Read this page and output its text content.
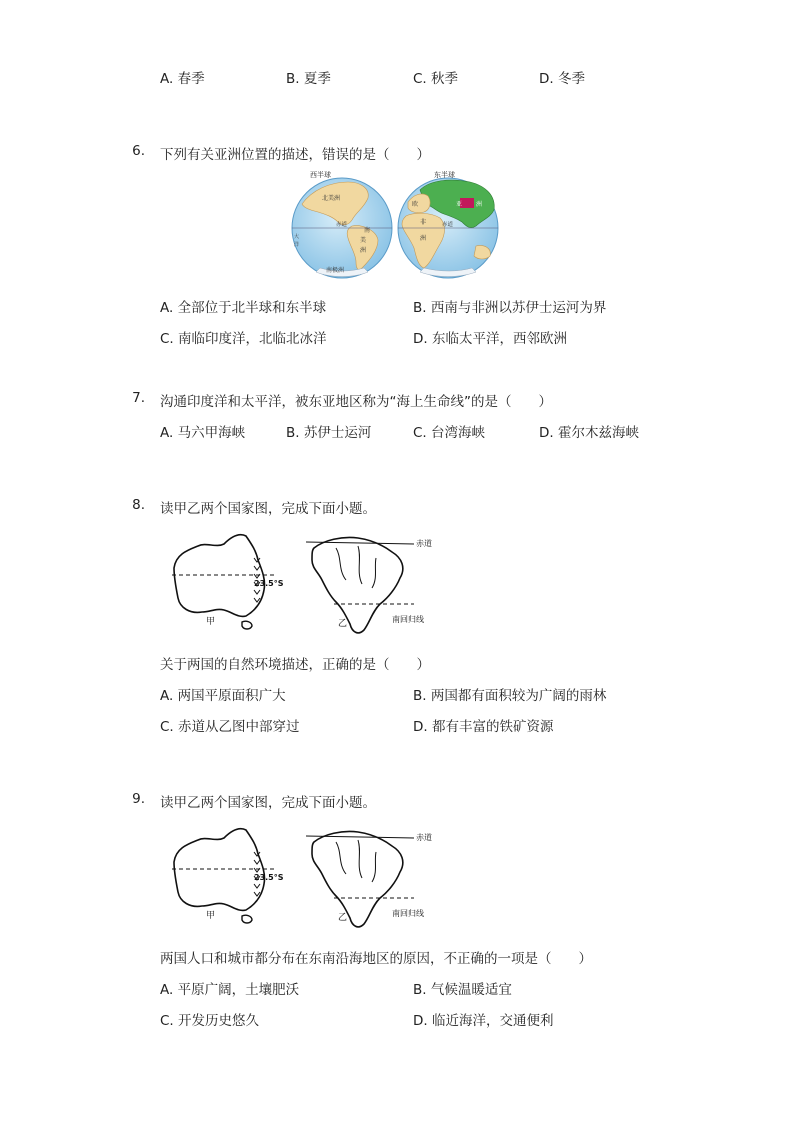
A. 春季	B. 夏季	C. 秋季	D. 冬季
6. 下列有关亚洲位置的描述，错误的是（　　）
西半球	东半球
北美洲
南
美
洲
南极洲
赤道	赤道
亚 洲
欧
非
洲
大
洋
A. 全部位于北半球和东半球	B. 西南与非洲以苏伊士运河为界
C. 南临印度洋，北临北冰洋	D. 东临太平洋，西邻欧洲
7. 沟通印度洋和太平洋，被东亚地区称为“海上生命线”的是（　　）
A. 马六甲海峡	B. 苏伊士运河	C. 台湾海峡	D. 霍尔木兹海峡
8. 读甲乙两个国家图，完成下面小题。
23.5°S
甲
赤道
南回归线
乙
关于两国的自然环境描述，正确的是（　　）
A. 两国平原面积广大	B. 两国都有面积较为广阔的雨林
C. 赤道从乙图中部穿过	D. 都有丰富的铁矿资源
9. 读甲乙两个国家图，完成下面小题。
23.5°S
甲
赤道
南回归线
乙
两国人口和城市都分布在东南沿海地区的原因，不正确的一项是（　　）
A. 平原广阔，土壤肥沃	B. 气候温暖适宜
C. 开发历史悠久	D. 临近海洋，交通便利
